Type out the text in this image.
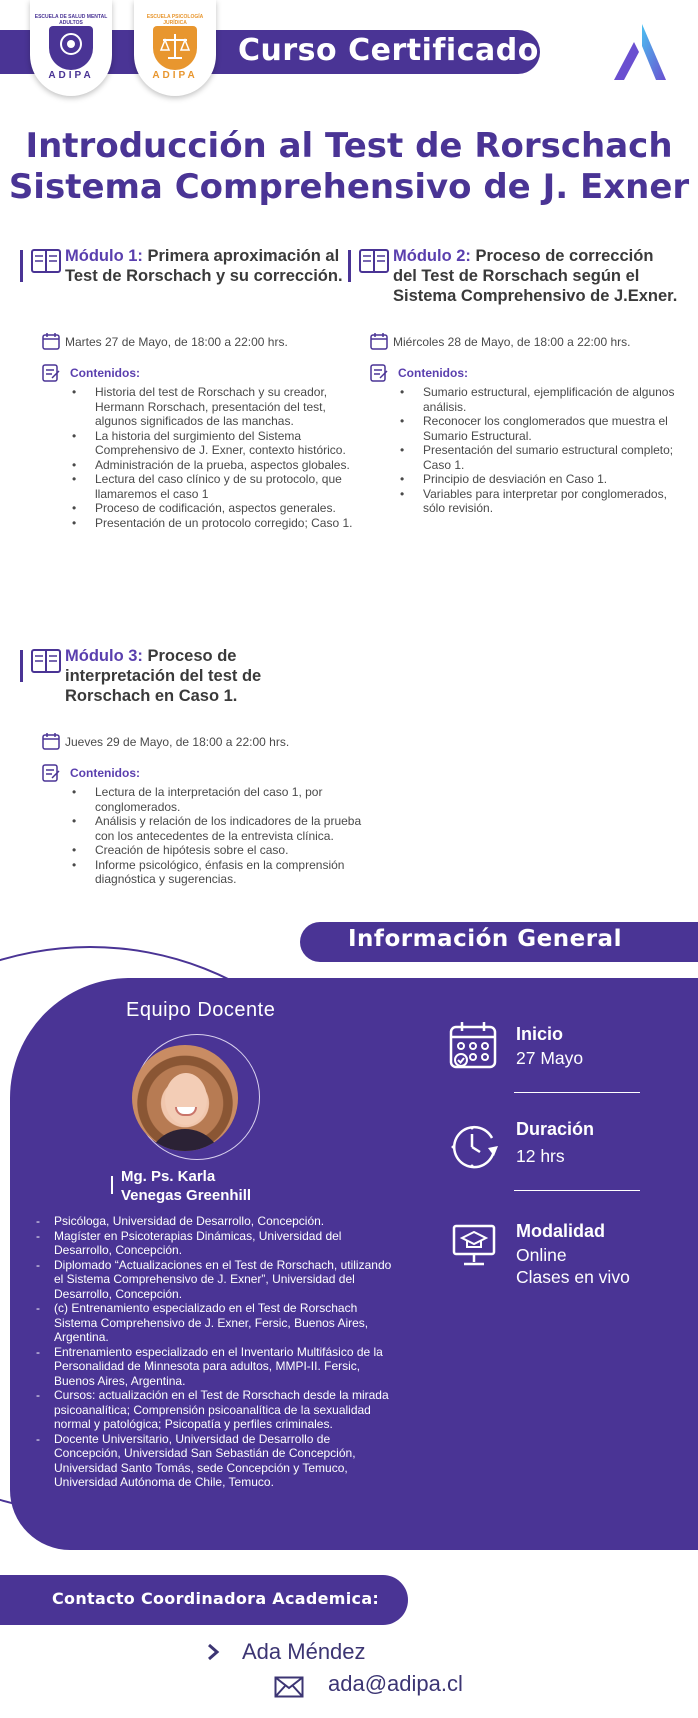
Curso Certificado
ESCUELA DE SALUD MENTAL ADULTOS
ADIPA
ESCUELA PSICOLOGÍA JURÍDICA
ADIPA
Introducción al Test de Rorschach
Sistema Comprehensivo de J. Exner
Módulo 1: Primera aproximación al Test de Rorschach y su corrección.
Martes 27 de Mayo, de 18:00 a 22:00 hrs.
Contenidos:
• Historia del test de Rorschach y su creador, Hermann Rorschach, presentación del test, algunos significados de las manchas.
• La historia del surgimiento del Sistema Comprehensivo de J. Exner, contexto histórico.
• Administración de la prueba, aspectos globales.
• Lectura del caso clínico y de su protocolo, que llamaremos el caso 1
• Proceso de codificación, aspectos generales.
• Presentación de un protocolo corregido; Caso 1.
Módulo 2: Proceso de corrección del Test de Rorschach según el Sistema Comprehensivo de J.Exner.
Miércoles 28 de Mayo, de 18:00 a 22:00 hrs.
Contenidos:
• Sumario estructural, ejemplificación de algunos análisis.
• Reconocer los conglomerados que muestra el Sumario Estructural.
• Presentación del sumario estructural completo; Caso 1.
• Principio de desviación en Caso 1.
• Variables para interpretar por conglomerados, sólo revisión.
Módulo 3: Proceso de interpretación del test de Rorschach en Caso 1.
Jueves 29 de Mayo, de 18:00 a 22:00 hrs.
Contenidos:
• Lectura de la interpretación del caso 1, por conglomerados.
• Análisis y relación de los indicadores de la prueba con los antecedentes de la entrevista clínica.
• Creación de hipótesis sobre el caso.
• Informe psicológico, énfasis en la comprensión diagnóstica y sugerencias.
Información General
Equipo Docente
Mg. Ps. Karla
Venegas Greenhill
- Psicóloga, Universidad de Desarrollo, Concepción.
- Magíster en Psicoterapias Dinámicas, Universidad del Desarrollo, Concepción.
- Diplomado “Actualizaciones en el Test de Rorschach, utilizando el Sistema Comprehensivo de J. Exner”, Universidad del Desarrollo, Concepción.
- (c) Entrenamiento especializado en el Test de Rorschach Sistema Comprehensivo de J. Exner, Fersic, Buenos Aires, Argentina.
- Entrenamiento especializado en el Inventario Multifásico de la Personalidad de Minnesota para adultos, MMPI-II. Fersic, Buenos Aires, Argentina.
- Cursos: actualización en el Test de Rorschach desde la mirada psicoanalítica; Comprensión psicoanalítica de la sexualidad normal y patológica; Psicopatía y perfiles criminales.
- Docente Universitario, Universidad de Desarrollo de Concepción, Universidad San Sebastián de Concepción, Universidad Santo Tomás, sede Concepción y Temuco, Universidad Autónoma de Chile, Temuco.
Inicio
27 Mayo
Duración
12 hrs
Modalidad
Online
Clases en vivo
Contacto Coordinadora Academica:
Ada Méndez
ada@adipa.cl
